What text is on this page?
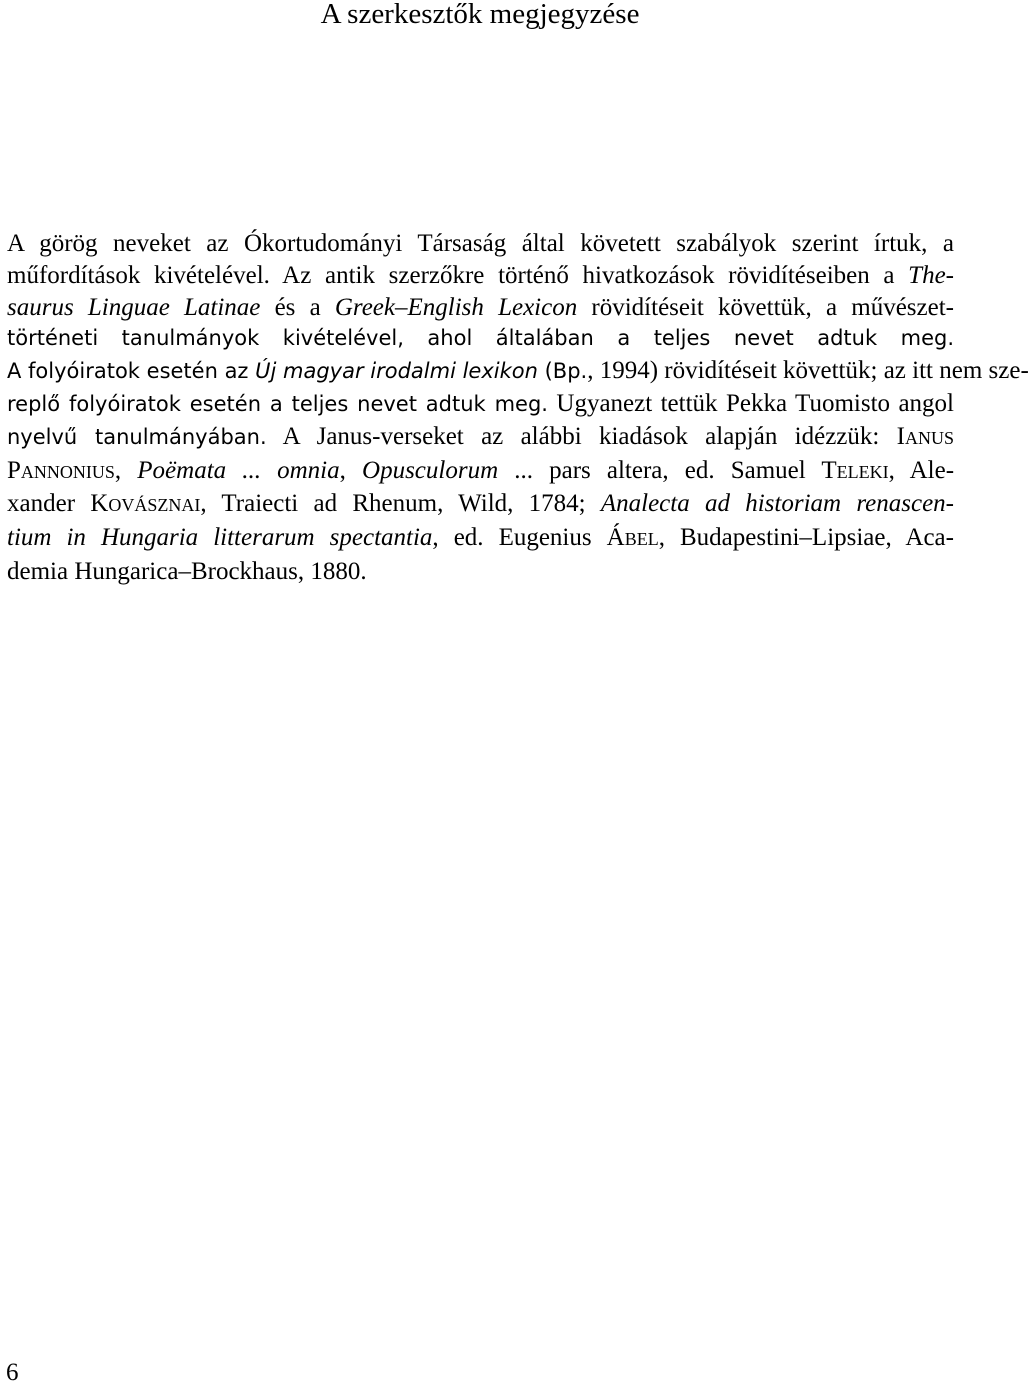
A szerkesztők megjegyzése
A görög neveket az Ókortudományi Társaság által követett szabályok szerint írtuk, a
műfordítások kivételével. Az antik szerzőkre történő hivatkozások rövidítéseiben a The-
saurus Linguae Latinae és a Greek–English Lexicon rövidítéseit követtük, a művészet-
történeti tanulmányok kivételével, ahol általában a teljes nevet adtuk meg.
A folyóiratok esetén az Új magyar irodalmi lexikon (Bp., 1994) rövidítéseit követtük; az itt nem sze-
replő folyóiratok esetén a teljes nevet adtuk meg. Ugyanezt tettük Pekka Tuomisto angol
nyelvű tanulmányában. A Janus-verseket az alábbi kiadások alapján idézzük: IANUS
PANNONIUS, Poëmata ... omnia, Opusculorum ... pars altera, ed. Samuel TELEKI, Ale-
xander KOVÁSZNAI, Traiecti ad Rhenum, Wild, 1784; Analecta ad historiam renascen-
tium in Hungaria litterarum spectantia, ed. Eugenius ÁBEL, Budapestini–Lipsiae, Aca-
demia Hungarica–Brockhaus, 1880.
6
